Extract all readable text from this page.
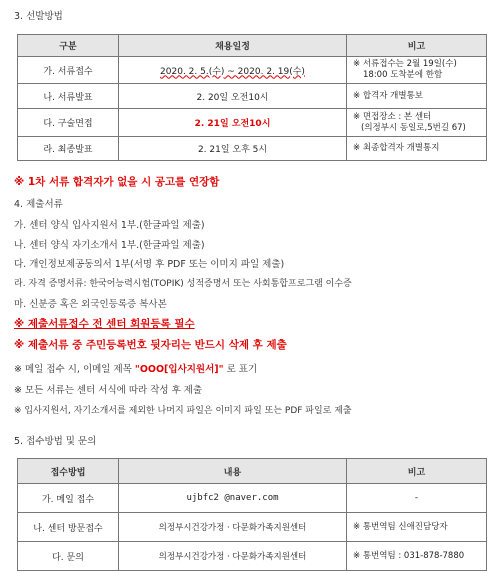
3. 선발방법
구분	채용일정	비고
가. 서류접수	2020. 2. 5.(수) ~ 2020. 2. 19(수)	※ 서류접수는 2월 19일(수)
18:00 도착분에 한함

나. 서류발표	2. 20일 오전10시	※ 합격자 개별통보
다. 구술면접	2. 21일 오전10시	※ 면접장소 : 본 센터
(의정부시 동일로,5번길 67)

라. 최종발표	2. 21일 오후 5시	※ 최종합격자 개별통지
※ 1차 서류 합격자가 없을 시 공고를 연장함
4. 제출서류
가. 센터 양식 입사지원서 1부.(한글파일 제출)
나. 센터 양식 자기소개서 1부.(한글파일 제출)
다. 개인정보제공동의서 1부(서명 후 PDF 또는 이미지 파일 제출)
라. 자격 증명서류: 한국어능력시험(TOPIK) 성적증명서 또는 사회통합프로그램 이수증
마. 신분증 혹은 외국인등록증 복사본
※ 제출서류접수 전 센터 회원등록 필수
※ 제출서류 중 주민등록번호 뒷자리는 반드시 삭제 후 제출
※ 메일 접수 시, 이메일 제목 "OOO[입사지원서]" 로 표기
※ 모든 서류는 센터 서식에 따라 작성 후 제출
※ 입사지원서, 자기소개서를 제외한 나머지 파일은 이미지 파일 또는 PDF 파일로 제출
5. 접수방법 및 문의
접수방법	내용	비고
가. 메일 접수	ujbfc2 @naver.com	-
나. 센터 방문접수	의정부시건강가정 · 다문화가족지원센터	※ 통번역팀 신애진담당자
다. 문의	의정부시건강가정 · 다문화가족지원센터	※ 통번역팀 : 031-878-7880
